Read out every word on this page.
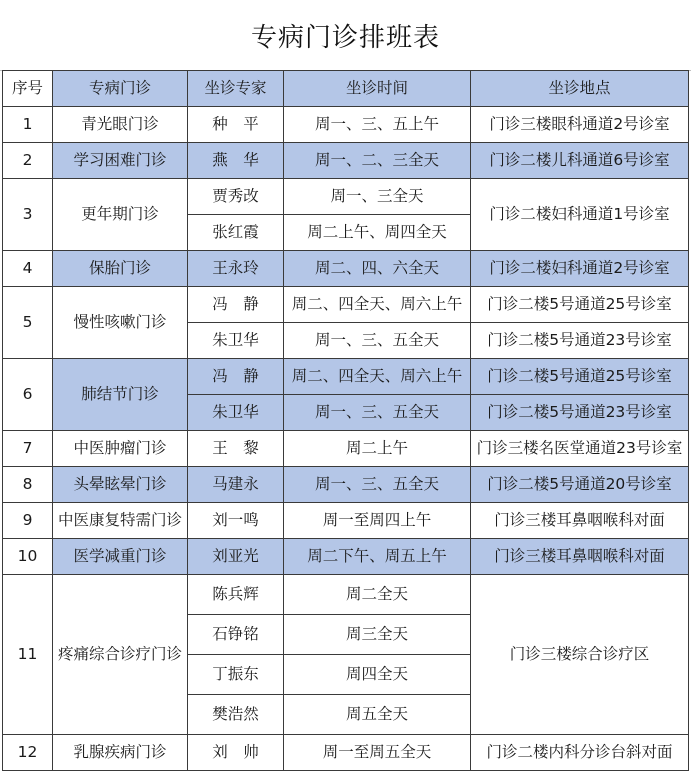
专病门诊排班表
序号	专病门诊	坐诊专家	坐诊时间	坐诊地点
1	青光眼门诊	种　平	周一、三、五上午	门诊三楼眼科通道2号诊室
2	学习困难门诊	燕　华	周一、二、三全天	门诊二楼儿科通道6号诊室
3	更年期门诊	贾秀改	周一、三全天	门诊二楼妇科通道1号诊室
		张红霞	周二上午、周四全天	
4	保胎门诊	王永玲	周二、四、六全天	门诊二楼妇科通道2号诊室
5	慢性咳嗽门诊	冯　静	周二、四全天、周六上午	门诊二楼5号通道25号诊室
		朱卫华	周一、三、五全天	门诊二楼5号通道23号诊室
6	肺结节门诊	冯　静	周二、四全天、周六上午	门诊二楼5号通道25号诊室
		朱卫华	周一、三、五全天	门诊二楼5号通道23号诊室
7	中医肿瘤门诊	王　黎	周二上午	门诊三楼名医堂通道23号诊室
8	头晕眩晕门诊	马建永	周一、三、五全天	门诊二楼5号通道20号诊室
9	中医康复特需门诊	刘一鸣	周一至周四上午	门诊三楼耳鼻咽喉科对面
10	医学减重门诊	刘亚光	周二下午、周五上午	门诊三楼耳鼻咽喉科对面
11	疼痛综合诊疗门诊	陈兵辉	周二全天	门诊三楼综合诊疗区
		石铮铭	周三全天	
		丁振东	周四全天	
		樊浩然	周五全天	
12	乳腺疾病门诊	刘　帅	周一至周五全天	门诊二楼内科分诊台斜对面
